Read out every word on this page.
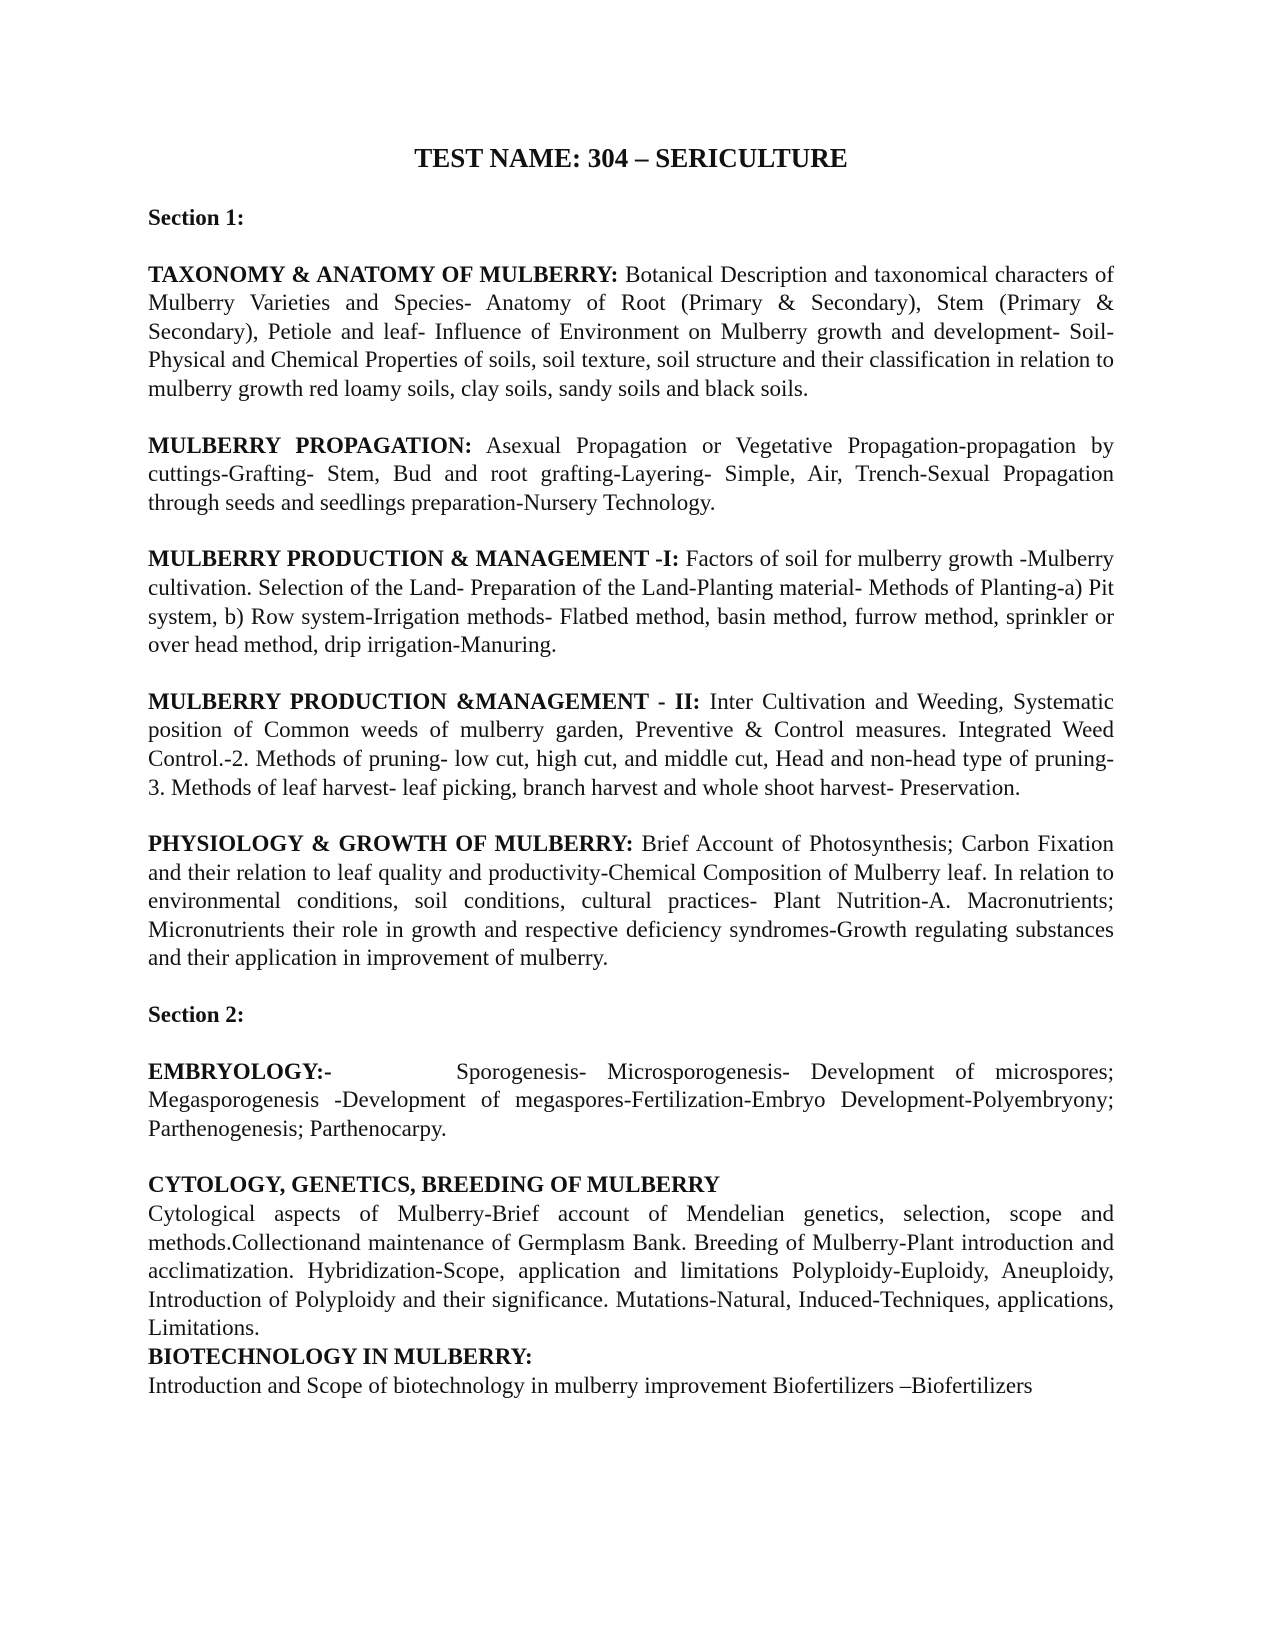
TEST NAME: 304 – SERICULTURE
Section 1:

TAXONOMY & ANATOMY OF MULBERRY: Botanical Description and taxonomical characters of Mulberry Varieties and Species- Anatomy of Root (Primary & Secondary), Stem (Primary & Secondary), Petiole and leaf- Influence of Environment on Mulberry growth and development- Soil- Physical and Chemical Properties of soils, soil texture, soil structure and their classification in relation to mulberry growth red loamy soils, clay soils, sandy soils and black soils.

MULBERRY PROPAGATION: Asexual Propagation or Vegetative Propagation-propagation by cuttings-Grafting- Stem, Bud and root grafting-Layering- Simple, Air, Trench-Sexual Propagation through seeds and seedlings preparation-Nursery Technology.

MULBERRY PRODUCTION & MANAGEMENT -I: Factors of soil for mulberry growth -Mulberry cultivation. Selection of the Land- Preparation of the Land-Planting material- Methods of Planting-a) Pit system, b) Row system-Irrigation methods- Flatbed method, basin method, furrow method, sprinkler or over head method, drip irrigation-Manuring.

MULBERRY PRODUCTION &MANAGEMENT - II: Inter Cultivation and Weeding, Systematic position of Common weeds of mulberry garden, Preventive & Control measures. Integrated Weed Control.-2. Methods of pruning- low cut, high cut, and middle cut, Head and non-head type of pruning-3. Methods of leaf harvest- leaf picking, branch harvest and whole shoot harvest- Preservation.

PHYSIOLOGY & GROWTH OF MULBERRY: Brief Account of Photosynthesis; Carbon Fixation and their relation to leaf quality and productivity-Chemical Composition of Mulberry leaf. In relation to environmental conditions, soil conditions, cultural practices- Plant Nutrition-A. Macronutrients; Micronutrients their role in growth and respective deficiency syndromes-Growth regulating substances and their application in improvement of mulberry.

Section 2:

EMBRYOLOGY:-      Sporogenesis- Microsporogenesis- Development of microspores; Megasporogenesis -Development of megaspores-Fertilization-Embryo Development-Polyembryony; Parthenogenesis; Parthenocarpy.

CYTOLOGY, GENETICS, BREEDING OF MULBERRY

Cytological aspects of Mulberry-Brief account of Mendelian genetics, selection, scope and methods.Collectionand maintenance of Germplasm Bank. Breeding of Mulberry-Plant introduction and acclimatization. Hybridization-Scope, application and limitations Polyploidy-Euploidy, Aneuploidy, Introduction of Polyploidy and their significance. Mutations-Natural, Induced-Techniques, applications, Limitations.

BIOTECHNOLOGY IN MULBERRY:

Introduction and Scope of biotechnology in mulberry improvement Biofertilizers –Biofertilizers
